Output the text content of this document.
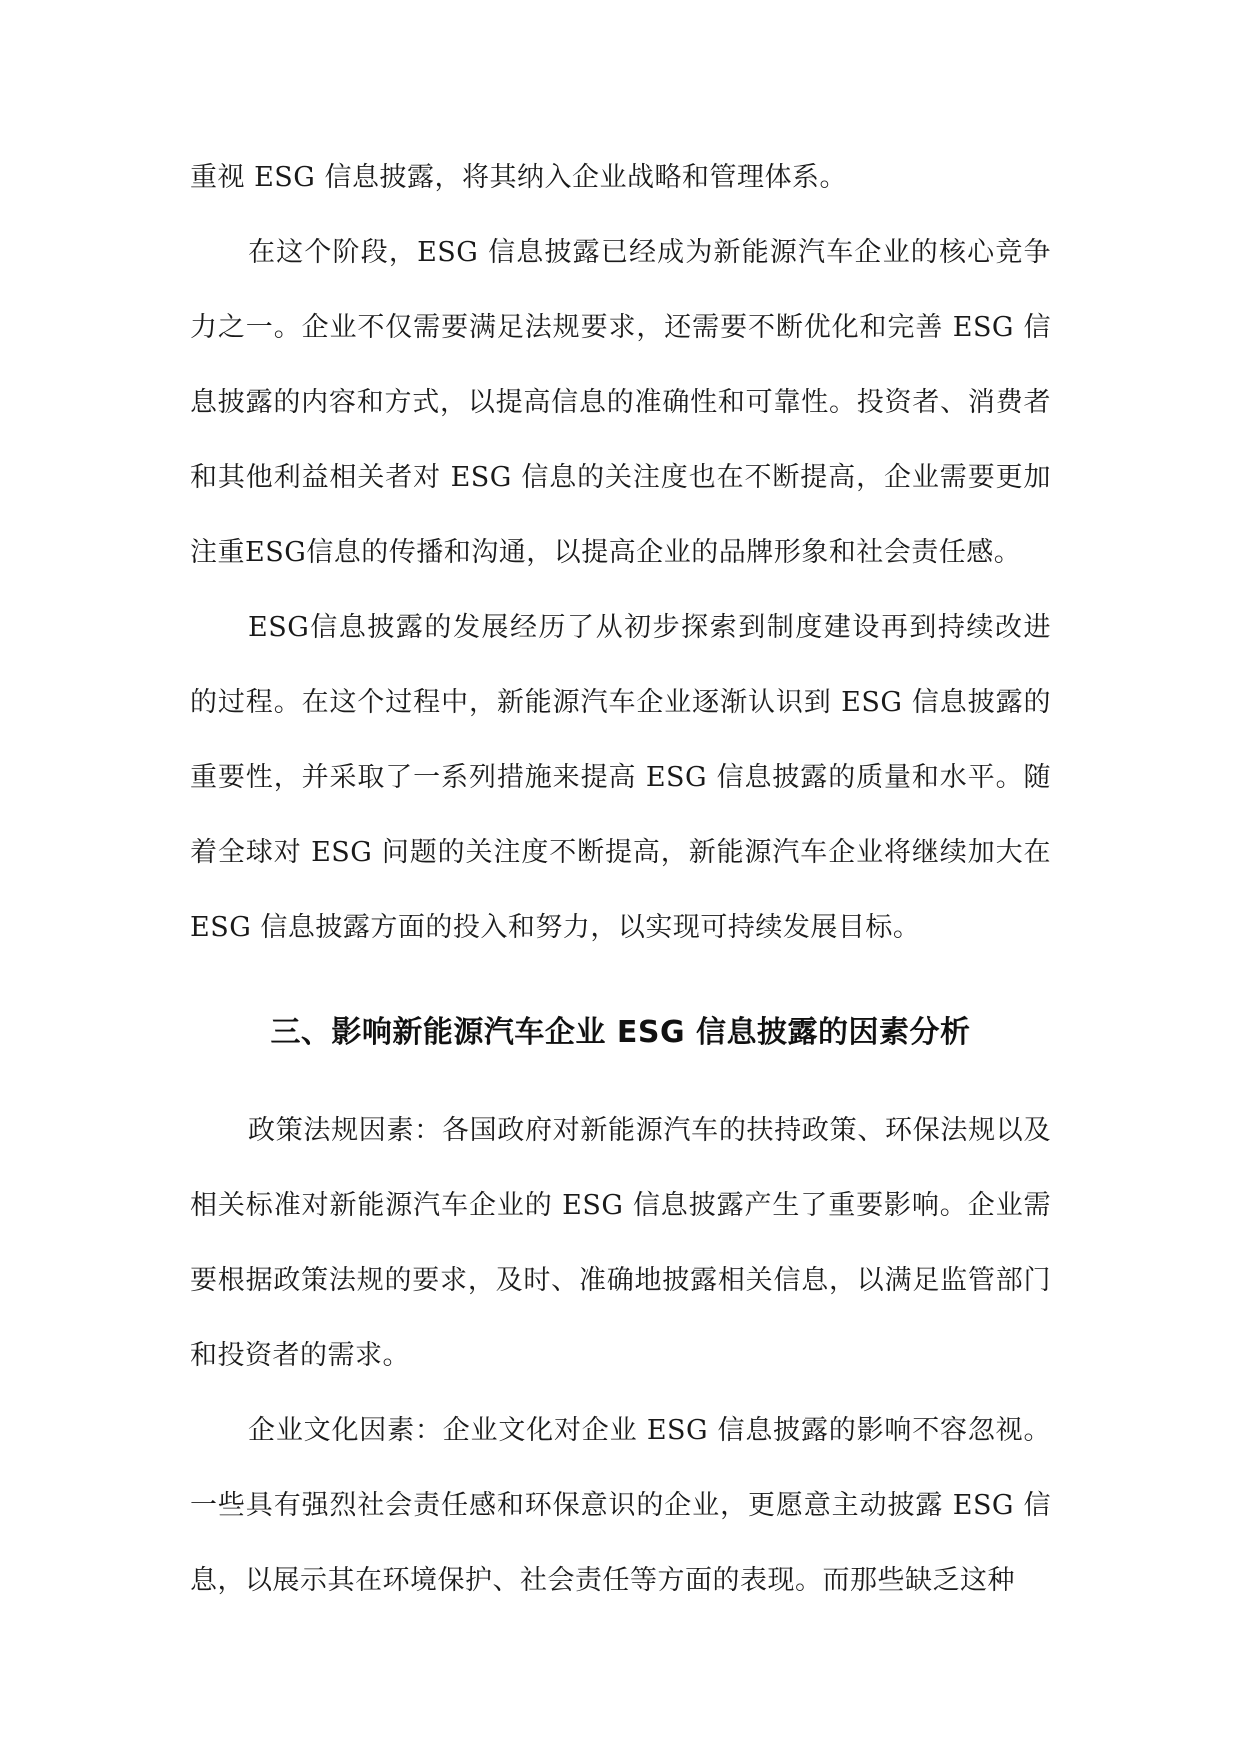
重视 ESG 信息披露，将其纳入企业战略和管理体系。

在这个阶段，ESG 信息披露已经成为新能源汽车企业的核心竞争力之一。企业不仅需要满足法规要求，还需要不断优化和完善 ESG 信息披露的内容和方式，以提高信息的准确性和可靠性。投资者、消费者和其他利益相关者对 ESG 信息的关注度也在不断提高，企业需要更加注重ESG信息的传播和沟通，以提高企业的品牌形象和社会责任感。

ESG信息披露的发展经历了从初步探索到制度建设再到持续改进的过程。在这个过程中，新能源汽车企业逐渐认识到 ESG 信息披露的重要性，并采取了一系列措施来提高 ESG 信息披露的质量和水平。随着全球对 ESG 问题的关注度不断提高，新能源汽车企业将继续加大在 ESG 信息披露方面的投入和努力，以实现可持续发展目标。

三、影响新能源汽车企业 ESG 信息披露的因素分析

政策法规因素：各国政府对新能源汽车的扶持政策、环保法规以及相关标准对新能源汽车企业的 ESG 信息披露产生了重要影响。企业需要根据政策法规的要求，及时、准确地披露相关信息，以满足监管部门和投资者的需求。

企业文化因素：企业文化对企业 ESG 信息披露的影响不容忽视。一些具有强烈社会责任感和环保意识的企业，更愿意主动披露 ESG 信息，以展示其在环境保护、社会责任等方面的表现。而那些缺乏这种
